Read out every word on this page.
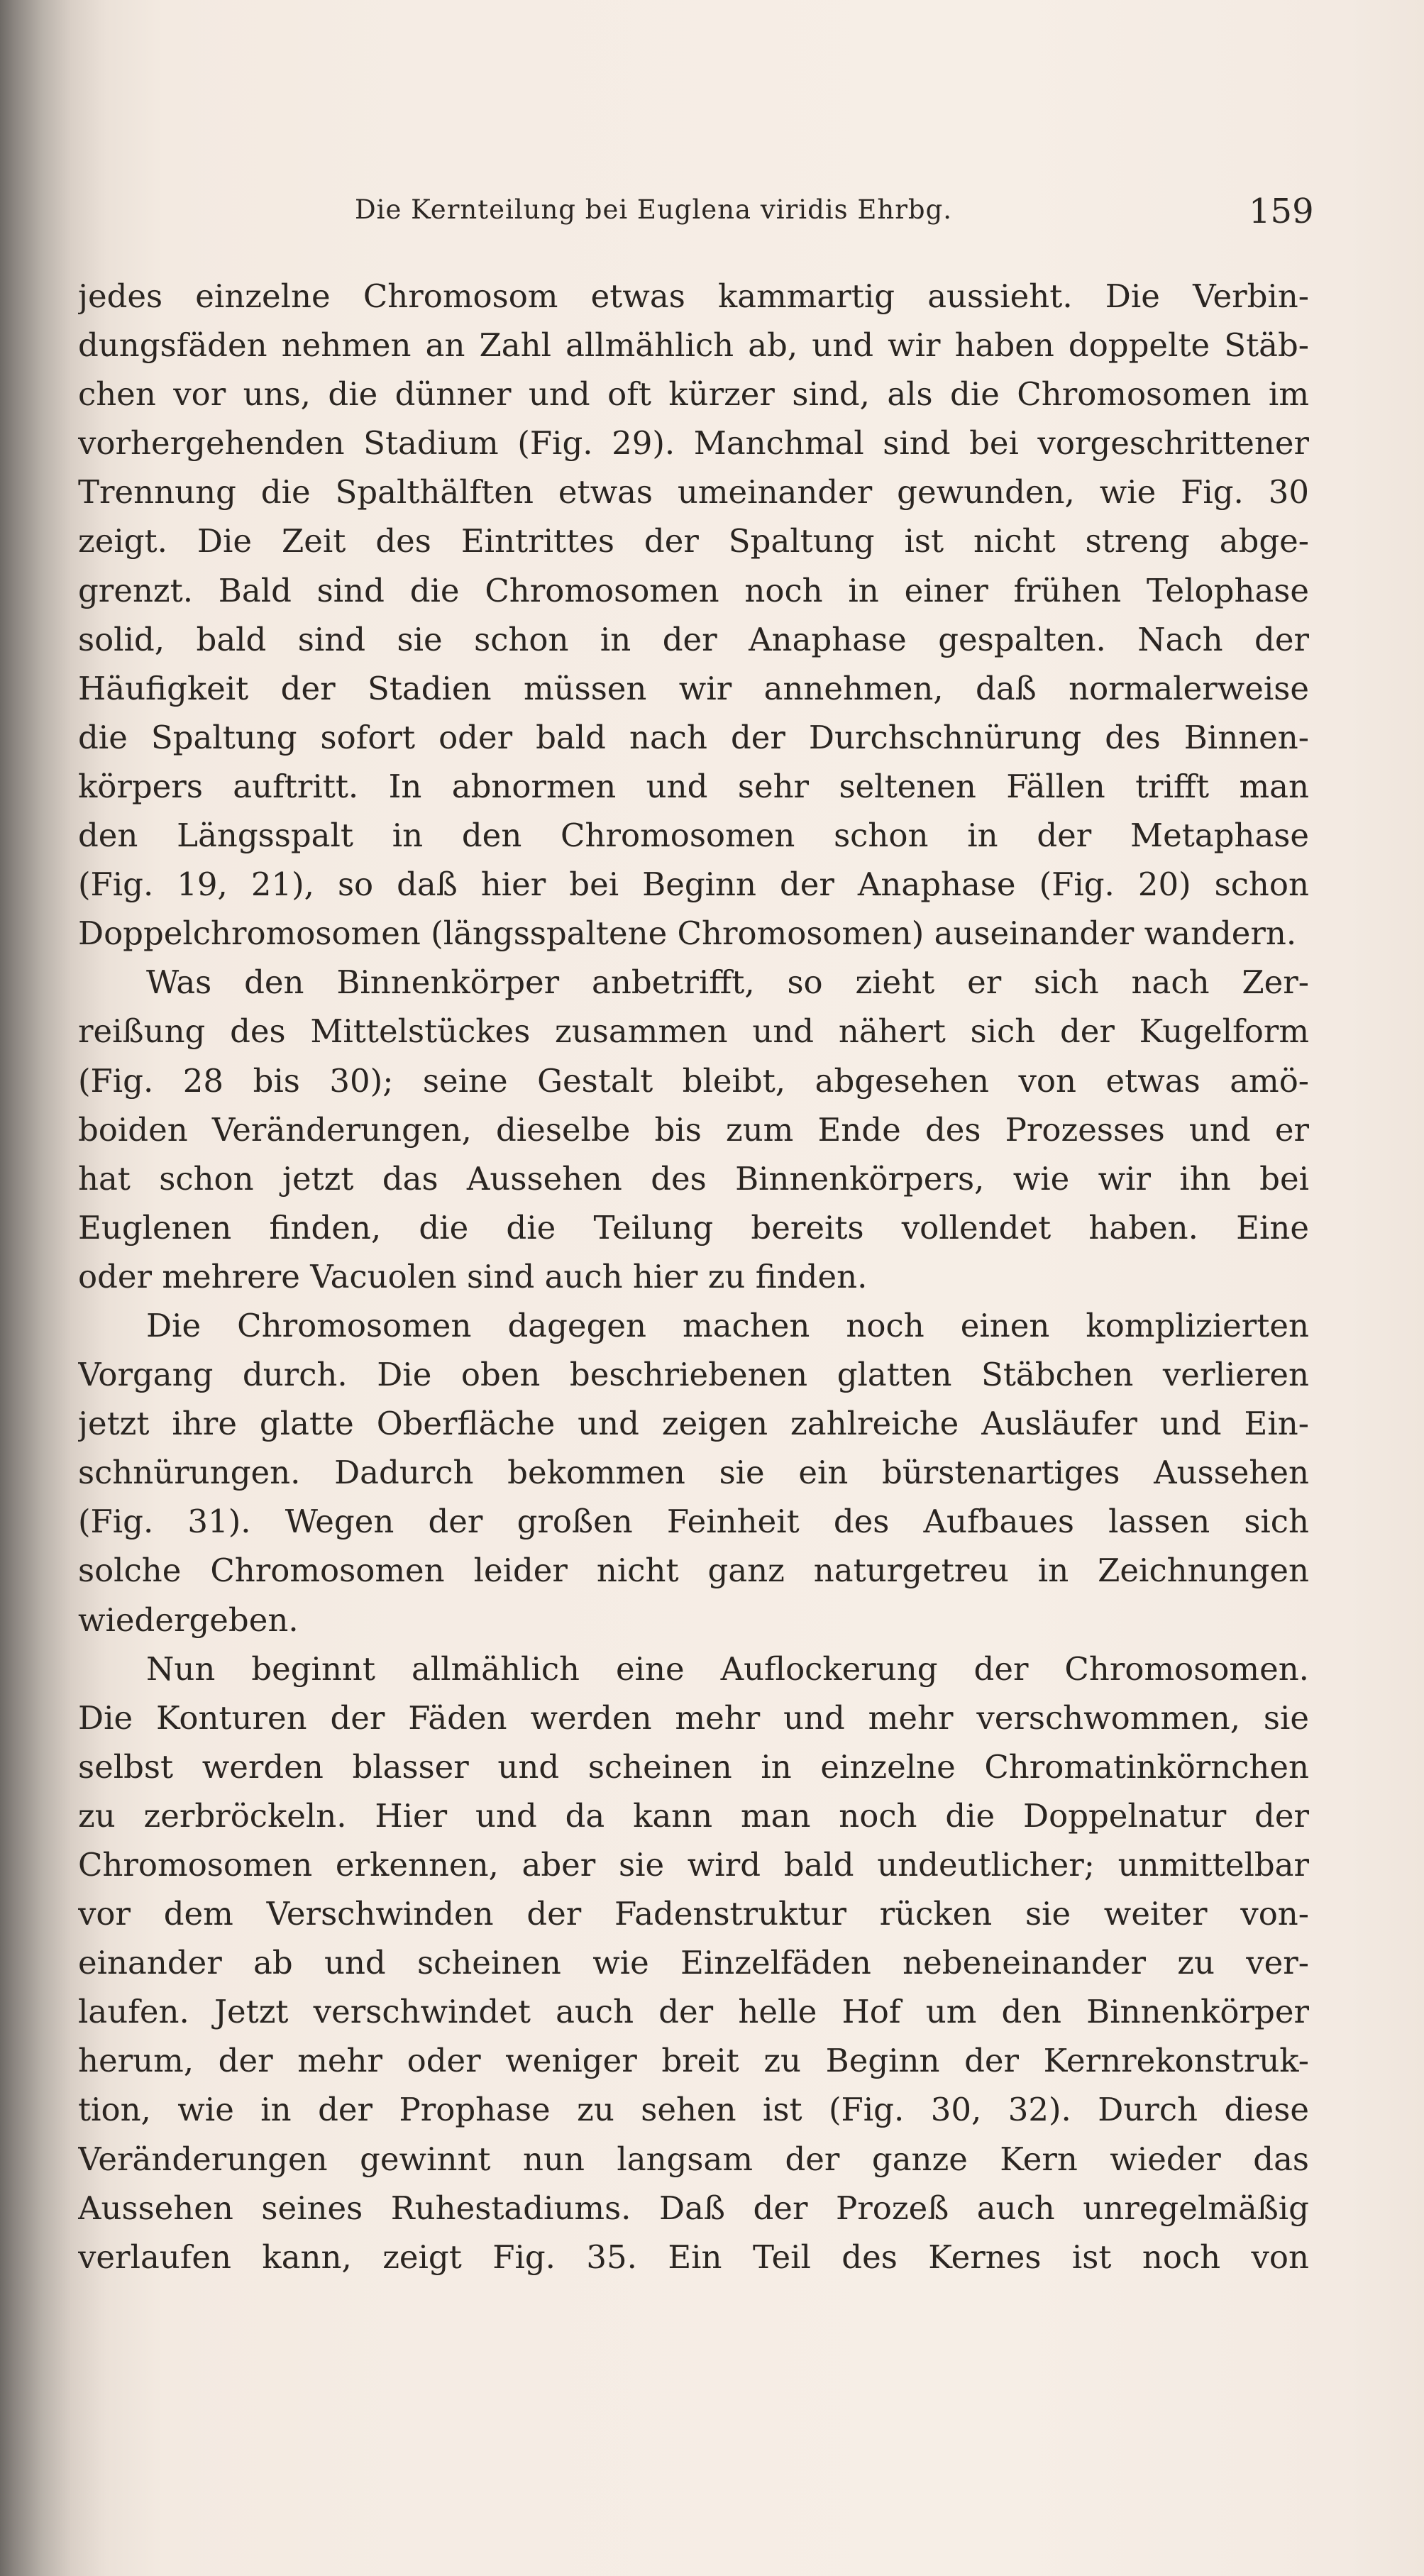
Die Kernteilung bei Euglena viridis Ehrbg.	159
jedes einzelne Chromosom etwas kammartig aussieht. Die Verbin-
dungsfäden nehmen an Zahl allmählich ab, und wir haben doppelte Stäb-
chen vor uns, die dünner und oft kürzer sind, als die Chromosomen im
vorhergehenden Stadium (Fig. 29). Manchmal sind bei vorgeschrittener
Trennung die Spalthälften etwas umeinander gewunden, wie Fig. 30
zeigt. Die Zeit des Eintrittes der Spaltung ist nicht streng abge-
grenzt. Bald sind die Chromosomen noch in einer frühen Telophase
solid, bald sind sie schon in der Anaphase gespalten. Nach der
Häufigkeit der Stadien müssen wir annehmen, daß normalerweise
die Spaltung sofort oder bald nach der Durchschnürung des Binnen-
körpers auftritt. In abnormen und sehr seltenen Fällen trifft man
den Längsspalt in den Chromosomen schon in der Metaphase
(Fig. 19, 21), so daß hier bei Beginn der Anaphase (Fig. 20) schon
Doppelchromosomen (längsspaltene Chromosomen) auseinander wandern.
Was den Binnenkörper anbetrifft, so zieht er sich nach Zer-
reißung des Mittelstückes zusammen und nähert sich der Kugelform
(Fig. 28 bis 30); seine Gestalt bleibt, abgesehen von etwas amö-
boiden Veränderungen, dieselbe bis zum Ende des Prozesses und er
hat schon jetzt das Aussehen des Binnenkörpers, wie wir ihn bei
Euglenen finden, die die Teilung bereits vollendet haben. Eine
oder mehrere Vacuolen sind auch hier zu finden.
Die Chromosomen dagegen machen noch einen komplizierten
Vorgang durch. Die oben beschriebenen glatten Stäbchen verlieren
jetzt ihre glatte Oberfläche und zeigen zahlreiche Ausläufer und Ein-
schnürungen. Dadurch bekommen sie ein bürstenartiges Aussehen
(Fig. 31). Wegen der großen Feinheit des Aufbaues lassen sich
solche Chromosomen leider nicht ganz naturgetreu in Zeichnungen
wiedergeben.
Nun beginnt allmählich eine Auflockerung der Chromosomen.
Die Konturen der Fäden werden mehr und mehr verschwommen, sie
selbst werden blasser und scheinen in einzelne Chromatinkörnchen
zu zerbröckeln. Hier und da kann man noch die Doppelnatur der
Chromosomen erkennen, aber sie wird bald undeutlicher; unmittelbar
vor dem Verschwinden der Fadenstruktur rücken sie weiter von-
einander ab und scheinen wie Einzelfäden nebeneinander zu ver-
laufen. Jetzt verschwindet auch der helle Hof um den Binnenkörper
herum, der mehr oder weniger breit zu Beginn der Kernrekonstruk-
tion, wie in der Prophase zu sehen ist (Fig. 30, 32). Durch diese
Veränderungen gewinnt nun langsam der ganze Kern wieder das
Aussehen seines Ruhestadiums. Daß der Prozeß auch unregelmäßig
verlaufen kann, zeigt Fig. 35. Ein Teil des Kernes ist noch von
